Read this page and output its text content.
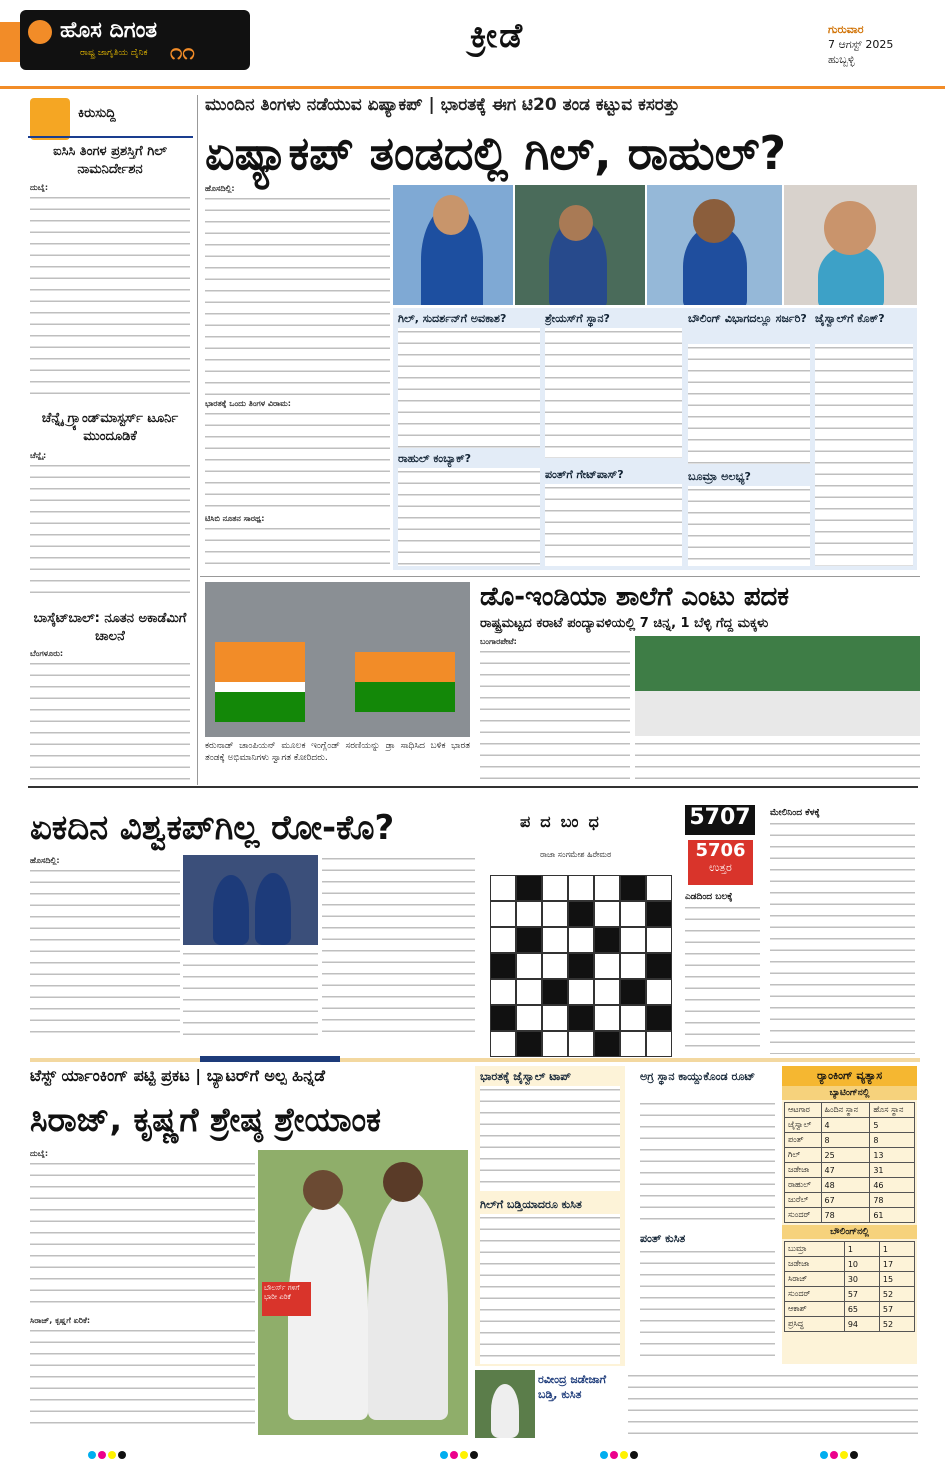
ಹೊಸ ದಿಗಂತ
ರಾಷ್ಟ್ರ ಜಾಗೃತಿಯ ದೈನಿಕ ೧೧	ಕ್ರೀಡೆ	ಗುರುವಾರ
7 ಆಗಸ್ಟ್ 2025
ಹುಬ್ಬಳ್ಳಿ
ಕಿರುಸುದ್ದಿ
ಐಸಿಸಿ ತಿಂಗಳ ಪ್ರಶಸ್ತಿಗೆ ಗಿಲ್ ನಾಮನಿರ್ದೇಶನ
ದುಬೈ:
ಚೆನ್ನೈ ಗ್ರ್ಯಾಂಡ್‌ಮಾಸ್ಟರ್ಸ್ ಟೂರ್ನಿ ಮುಂದೂಡಿಕೆ
ಚೆನ್ನೈ:
ಬಾಸ್ಕೆಟ್‌ಬಾಲ್: ನೂತನ ಅಕಾಡೆಮಿಗೆ ಚಾಲನೆ
ಬೆಂಗಳೂರು:
ಮುಂದಿನ ತಿಂಗಳು ನಡೆಯುವ ಏಷ್ಯಾಕಪ್ | ಭಾರತಕ್ಕೆ ಈಗ ಟಿ20 ತಂಡ ಕಟ್ಟುವ ಕಸರತ್ತು
ಏಷ್ಯಾಕಪ್ ತಂಡದಲ್ಲಿ ಗಿಲ್, ರಾಹುಲ್?
ಹೊಸದಿಲ್ಲಿ:
ಭಾರತಕ್ಕೆ ಒಂದು ತಿಂಗಳ ವಿರಾಮ:
ಟಿಸಿಬಿ ನೂತನ ಸಾರಥ್ಯ:
ಗಿಲ್, ಸುದರ್ಶನ್‌ಗೆ ಅವಕಾಶ?
ರಾಹುಲ್ ಕಂಬ್ಯಾಕ್?
ಶ್ರೇಯಸ್‌ಗೆ ಸ್ಥಾನ?
ಪಂತ್‌ಗೆ ಗೇಟ್‌ಪಾಸ್?
ಬೌಲಿಂಗ್ ವಿಭಾಗದಲ್ಲೂ ಸರ್ಜರಿ?
ಬೂಮ್ರಾ ಅಲಭ್ಯ?
ಜೈಸ್ವಾಲ್‌ಗೆ ಕೊಕ್?
ಕರುನಾಡ್ ಚಾಂಪಿಯನ್ ಮೂಲಕ ಇಂಗ್ಲೆಂಡ್ ಸರಣಿಯನ್ನು ಡ್ರಾ ಸಾಧಿಸಿದ ಬಳಿಕ ಭಾರತ ತಂಡಕ್ಕೆ ಅಭಿಮಾನಿಗಳು ಸ್ವಾಗತ ಕೋರಿದರು.
ಡೊ-ಇಂಡಿಯಾ ಶಾಲೆಗೆ ಎಂಟು ಪದಕ
ರಾಷ್ಟ್ರಮಟ್ಟದ ಕರಾಟೆ ಪಂದ್ಯಾವಳಿಯಲ್ಲಿ 7 ಚಿನ್ನ, 1 ಬೆಳ್ಳಿ ಗೆದ್ದ ಮಕ್ಕಳು
ಬಂಗಾರಪೇಟೆ:
ಏಕದಿನ ವಿಶ್ವಕಪ್‌ಗಿಲ್ಲ ರೋ-ಕೊ?
ಹೊಸದಿಲ್ಲಿ:
ಪದಬಂಧ	5707
5706
ಉತ್ತರ
ರಾಜಾ ಸಂಗಮೇಶ ಹಿರೇಮಠ
ಎಡದಿಂದ ಬಲಕ್ಕೆ
ಮೇಲಿನಿಂದ ಕೆಳಕ್ಕೆ
ಟೆಸ್ಟ್ ರ್ಯಾಂಕಿಂಗ್ ಪಟ್ಟಿ ಪ್ರಕಟ | ಬ್ಯಾಟರ‍್‌ಗೆ ಅಲ್ಪ ಹಿನ್ನಡೆ
ಸಿರಾಜ್, ಕೃಷ್ಣಗೆ ಶ್ರೇಷ್ಠ ಶ್ರೇಯಾಂಕ
ದುಬೈ:
ಸಿರಾಜ್, ಕೃಷ್ಣಗೆ ಏರಿಕೆ:
ಬೌಲರ್ಸ್ ಗಳಿಗೆ ಭಾರೀ ಏರಿಕೆ
ಭಾರತಕ್ಕೆ ಜೈಸ್ವಾಲ್ ಟಾಪ್
ಗಿಲ್‌ಗೆ ಬಡ್ತಿಯಾದರೂ ಕುಸಿತ
ಅಗ್ರ ಸ್ಥಾನ ಕಾಯ್ದುಕೊಂಡ ರೂಟ್
ಪಂತ್ ಕುಸಿತ
ರ‍್ಯಾಂಕಿಂಗ್ ವ್ಯತ್ಯಾಸ
ಬ್ಯಾಟಿಂಗ್‌ನಲ್ಲಿ
ಆಟಗಾರ	ಹಿಂದಿನ ಸ್ಥಾನ	ಹೊಸ ಸ್ಥಾನ
ಜೈಸ್ವಾಲ್	4	5
ಪಂತ್	8	8
ಗಿಲ್	25	13
ಜಡೇಜಾ	47	31
ರಾಹುಲ್	48	46
ಜುರೆಲ್	67	78
ಸುಂದರ್	78	61
ಬೌಲಿಂಗ್‌ನಲ್ಲಿ
ಬುಮ್ರಾ	1	1
ಜಡೇಜಾ	10	17
ಸಿರಾಜ್	30	15
ಸುಂದರ್	57	52
ಆಕಾಶ್	65	57
ಪ್ರಸಿದ್ಧ	94	52
ರವೀಂದ್ರ ಜಡೇಜಾಗೆ ಬಡ್ತಿ, ಕುಸಿತ
